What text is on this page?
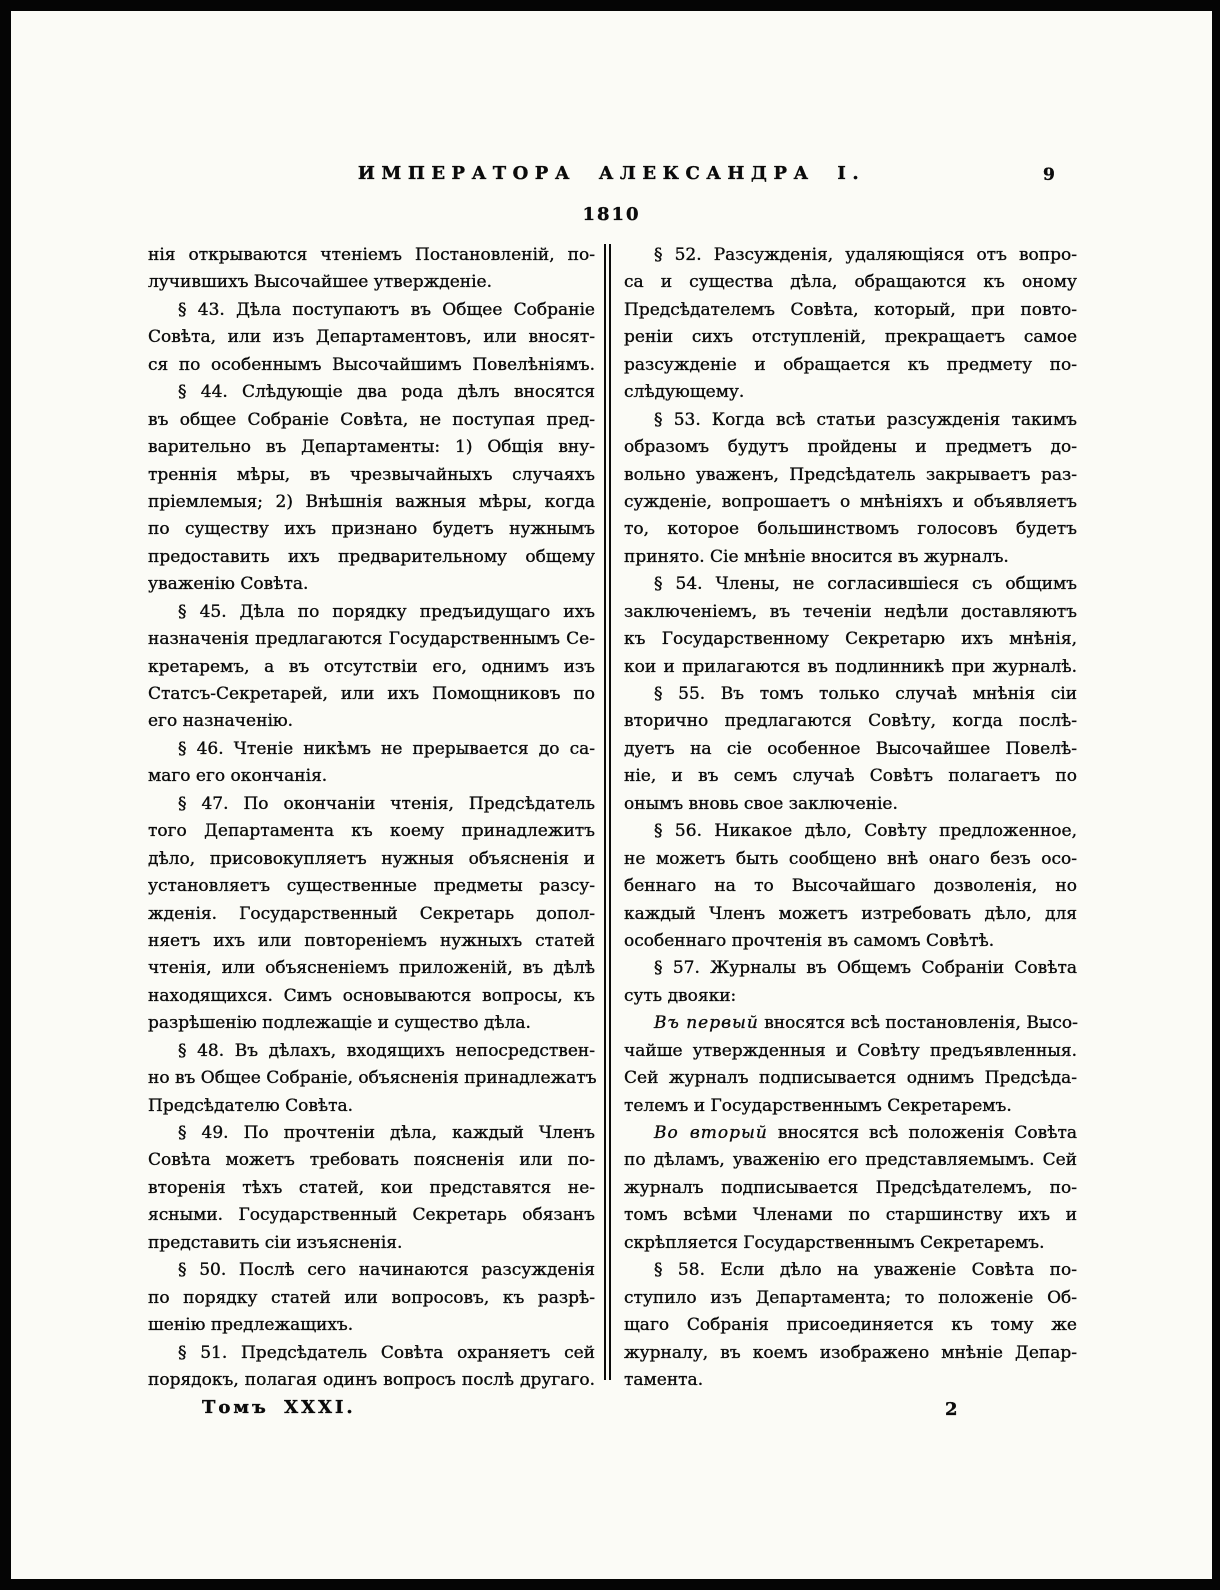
ИМПЕРАТОРА АЛЕКСАНДРА I.	9
1810
нія открываются чтеніемъ Постановленій, по-
лучившихъ Высочайшее утвержденіе.
§ 43. Дѣла поступаютъ въ Общее Собраніе
Совѣта, или изъ Департаментовъ, или вносят-
ся по особеннымъ Высочайшимъ Повелѣніямъ.
§ 44. Слѣдующіе два рода дѣлъ вносятся
въ общее Собраніе Совѣта, не поступая пред-
варительно въ Департаменты: 1) Общія вну-
треннія мѣры, въ чрезвычайныхъ случаяхъ
пріемлемыя; 2) Внѣшнія важныя мѣры, когда
по существу ихъ признано будетъ нужнымъ
предоставить ихъ предварительному общему
уваженію Совѣта.
§ 45. Дѣла по порядку предъидущаго ихъ
назначенія предлагаются Государственнымъ Се-
кретаремъ, а въ отсутствіи его, однимъ изъ
Статсъ-Секретарей, или ихъ Помощниковъ по
его назначенію.
§ 46. Чтеніе никѣмъ не прерывается до са-
маго его окончанія.
§ 47. По окончаніи чтенія, Предсѣдатель
того Департамента къ коему принадлежитъ
дѣло, присовокупляетъ нужныя объясненія и
установляетъ существенные предметы разсу-
жденія. Государственный Секретарь допол-
няетъ ихъ или повтореніемъ нужныхъ статей
чтенія, или объясненіемъ приложеній, въ дѣлѣ
находящихся. Симъ основываются вопросы, къ
разрѣшенію подлежащіе и существо дѣла.
§ 48. Въ дѣлахъ, входящихъ непосредствен-
но въ Общее Собраніе, объясненія принадлежатъ
Предсѣдателю Совѣта.
§ 49. По прочтеніи дѣла, каждый Членъ
Совѣта можетъ требовать поясненія или по-
вторенія тѣхъ статей, кои представятся не-
ясными. Государственный Секретарь обязанъ
представить сіи изъясненія.
§ 50. Послѣ сего начинаются разсужденія
по порядку статей или вопросовъ, къ разрѣ-
шенію предлежащихъ.
§ 51. Предсѣдатель Совѣта охраняетъ сей
порядокъ, полагая одинъ вопросъ послѣ другаго.
§ 52. Разсужденія, удаляющіяся отъ вопро-
са и существа дѣла, обращаются къ оному
Предсѣдателемъ Совѣта, который, при повто-
реніи сихъ отступленій, прекращаетъ самое
разсужденіе и обращается къ предмету по-
слѣдующему.
§ 53. Когда всѣ статьи разсужденія такимъ
образомъ будутъ пройдены и предметъ до-
вольно уваженъ, Предсѣдатель закрываетъ раз-
сужденіе, вопрошаетъ о мнѣніяхъ и объявляетъ
то, которое большинствомъ голосовъ будетъ
принято. Сіе мнѣніе вносится въ журналъ.
§ 54. Члены, не согласившіеся съ общимъ
заключеніемъ, въ теченіи недѣли доставляютъ
къ Государственному Секретарю ихъ мнѣнія,
кои и прилагаются въ подлинникѣ при журналѣ.
§ 55. Въ томъ только случаѣ мнѣнія сіи
вторично предлагаются Совѣту, когда послѣ-
дуетъ на сіе особенное Высочайшее Повелѣ-
ніе, и въ семъ случаѣ Совѣтъ полагаетъ по
онымъ вновь свое заключеніе.
§ 56. Никакое дѣло, Совѣту предложенное,
не можетъ быть сообщено внѣ онаго безъ осо-
беннаго на то Высочайшаго дозволенія, но
каждый Членъ можетъ изтребовать дѣло, для
особеннаго прочтенія въ самомъ Совѣтѣ.
§ 57. Журналы въ Общемъ Собраніи Совѣта
суть двояки:
Въ первый вносятся всѣ постановленія, Высо-
чайше утвержденныя и Совѣту предъявленныя.
Сей журналъ подписывается однимъ Предсѣда-
телемъ и Государственнымъ Секретаремъ.
Во вторый вносятся всѣ положенія Совѣта
по дѣламъ, уваженію его представляемымъ. Сей
журналъ подписывается Предсѣдателемъ, по-
томъ всѣми Членами по старшинству ихъ и
скрѣпляется Государственнымъ Секретаремъ.
§ 58. Если дѣло на уваженіе Совѣта по-
ступило изъ Департамента; то положеніе Об-
щаго Собранія присоединяется къ тому же
журналу, въ коемъ изображено мнѣніе Депар-
тамента.
Томъ XXXI.	2
